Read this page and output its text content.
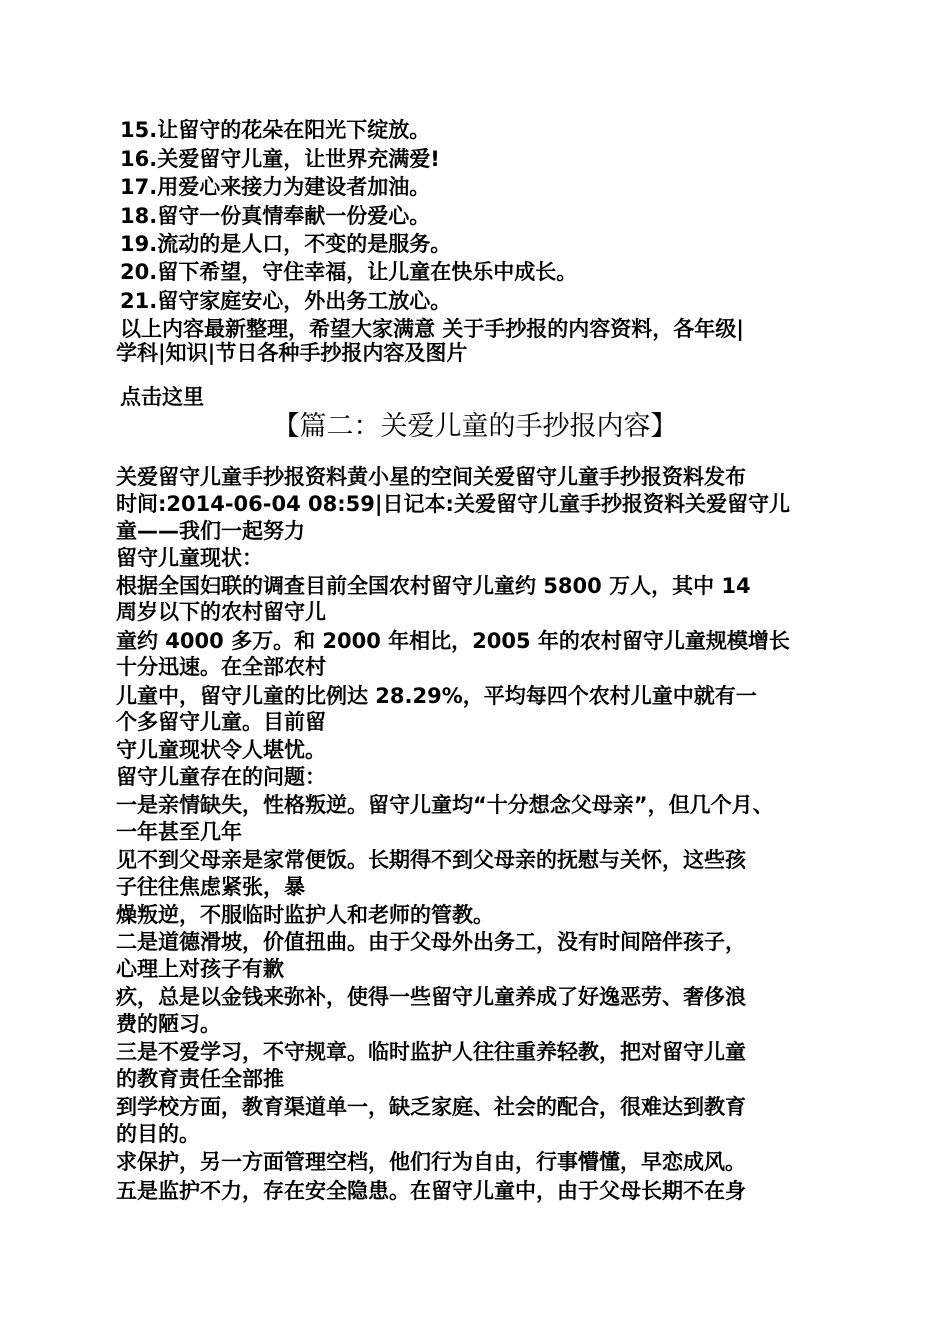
15.让留守的花朵在阳光下绽放。
16.关爱留守儿童，让世界充满爱!
17.用爱心来接力为建设者加油。
18.留守一份真情奉献一份爱心。
19.流动的是人口，不变的是服务。
20.留下希望，守住幸福，让儿童在快乐中成长。
21.留守家庭安心，外出务工放心。
以上内容最新整理，希望大家满意 关于手抄报的内容资料，各年级|
学科|知识|节日各种手抄报内容及图片
点击这里
【篇二：关爱儿童的手抄报内容】
关爱留守儿童手抄报资料黄小星的空间关爱留守儿童手抄报资料发布
时间:2014-06-04 08:59|日记本:关爱留守儿童手抄报资料关爱留守儿
童——我们一起努力
留守儿童现状：
根据全国妇联的调查目前全国农村留守儿童约 5800 万人，其中 14
周岁以下的农村留守儿
童约 4000 多万。和 2000 年相比，2005 年的农村留守儿童规模增长
十分迅速。在全部农村
儿童中，留守儿童的比例达 28.29%，平均每四个农村儿童中就有一
个多留守儿童。目前留
守儿童现状令人堪忧。
留守儿童存在的问题：
一是亲情缺失，性格叛逆。留守儿童均“十分想念父母亲”，但几个月、
一年甚至几年
见不到父母亲是家常便饭。长期得不到父母亲的抚慰与关怀，这些孩
子往往焦虑紧张，暴
燥叛逆，不服临时监护人和老师的管教。
二是道德滑坡，价值扭曲。由于父母外出务工，没有时间陪伴孩子，
心理上对孩子有歉
疚，总是以金钱来弥补，使得一些留守儿童养成了好逸恶劳、奢侈浪
费的陋习。
三是不爱学习，不守规章。临时监护人往往重养轻教，把对留守儿童
的教育责任全部推
到学校方面，教育渠道单一，缺乏家庭、社会的配合，很难达到教育
的目的。
求保护，另一方面管理空档，他们行为自由，行事懵懂，早恋成风。
五是监护不力，存在安全隐患。在留守儿童中，由于父母长期不在身
